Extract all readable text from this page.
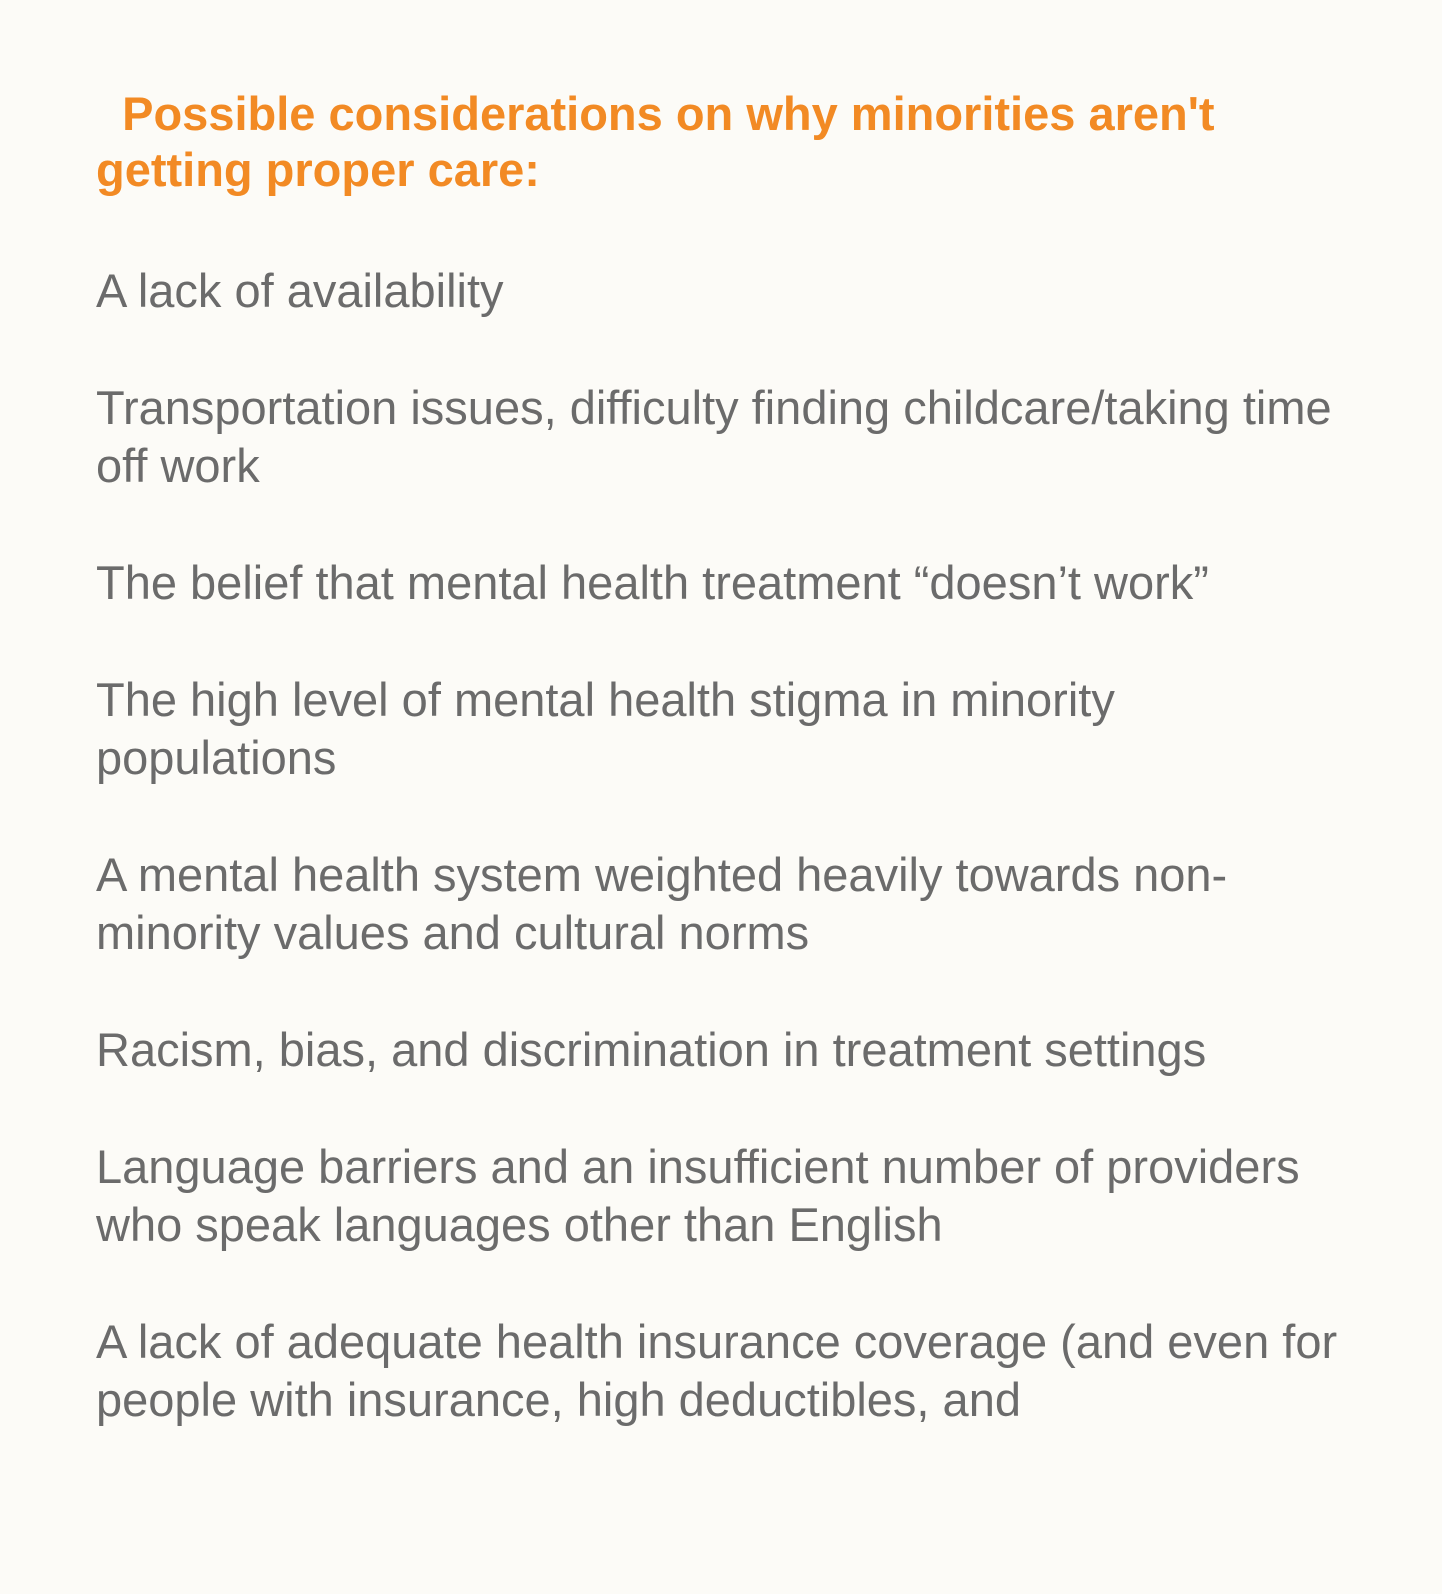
Possible considerations on why minorities aren't getting proper care:
A lack of availability
Transportation issues, difficulty finding childcare/taking time off work
The belief that mental health treatment “doesn’t work”
The high level of mental health stigma in minority populations
A mental health system weighted heavily towards non-minority values and cultural norms
Racism, bias, and discrimination in treatment settings
Language barriers and an insufficient number of providers who speak languages other than English
A lack of adequate health insurance coverage (and even for people with insurance, high deductibles, and
